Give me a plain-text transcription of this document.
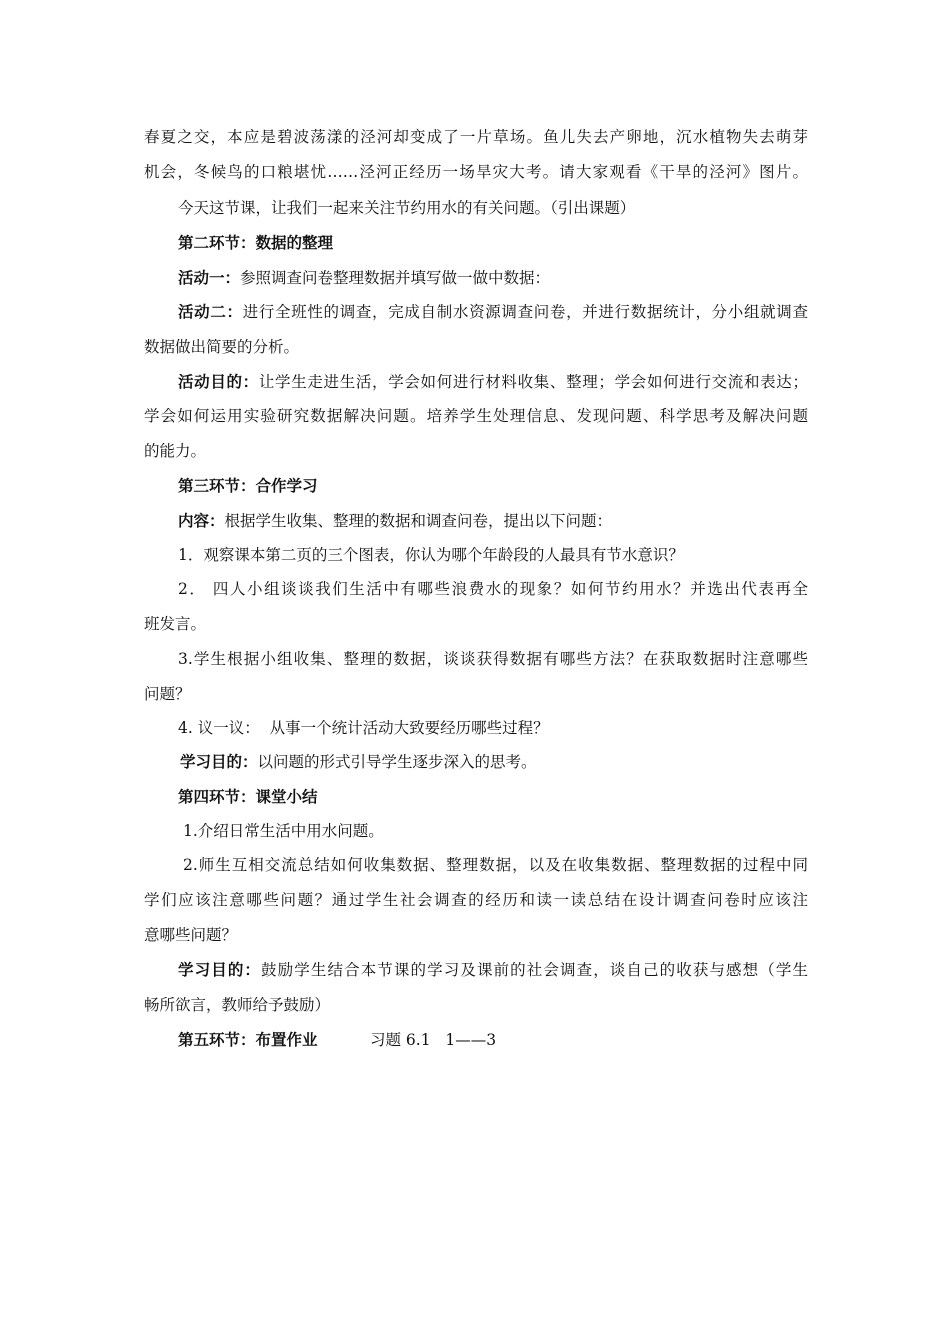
春夏之交，本应是碧波荡漾的泾河却变成了一片草场。鱼儿失去产卵地，沉水植物失去萌芽
机会，冬候鸟的口粮堪忧……泾河正经历一场旱灾大考。请大家观看《干旱的泾河》图片。
今天这节课，让我们一起来关注节约用水的有关问题。（引出课题）
第二环节：数据的整理
活动一：参照调查问卷整理数据并填写做一做中数据：
活动二：进行全班性的调查，完成自制水资源调查问卷，并进行数据统计，分小组就调查
数据做出简要的分析。
活动目的：让学生走进生活，学会如何进行材料收集、整理；学会如何进行交流和表达；
学会如何运用实验研究数据解决问题。培养学生处理信息、发现问题、科学思考及解决问题
的能力。
第三环节：合作学习
内容：根据学生收集、整理的数据和调查问卷，提出以下问题：
1．观察课本第二页的三个图表，你认为哪个年龄段的人最具有节水意识？
2． 四人小组谈谈我们生活中有哪些浪费水的现象？如何节约用水？并选出代表再全
班发言。
3.学生根据小组收集、整理的数据，谈谈获得数据有哪些方法？在获取数据时注意哪些
问题？
4. 议一议：  从事一个统计活动大致要经历哪些过程？
学习目的：以问题的形式引导学生逐步深入的思考。
第四环节：课堂小结
1.介绍日常生活中用水问题。
2.师生互相交流总结如何收集数据、整理数据，以及在收集数据、整理数据的过程中同
学们应该注意哪些问题？通过学生社会调查的经历和读一读总结在设计调查问卷时应该注
意哪些问题？
学习目的：鼓励学生结合本节课的学习及课前的社会调查，谈自己的收获与感想（学生
畅所欲言，教师给予鼓励）
第五环节：布置作业	习题 6.1   1——3
